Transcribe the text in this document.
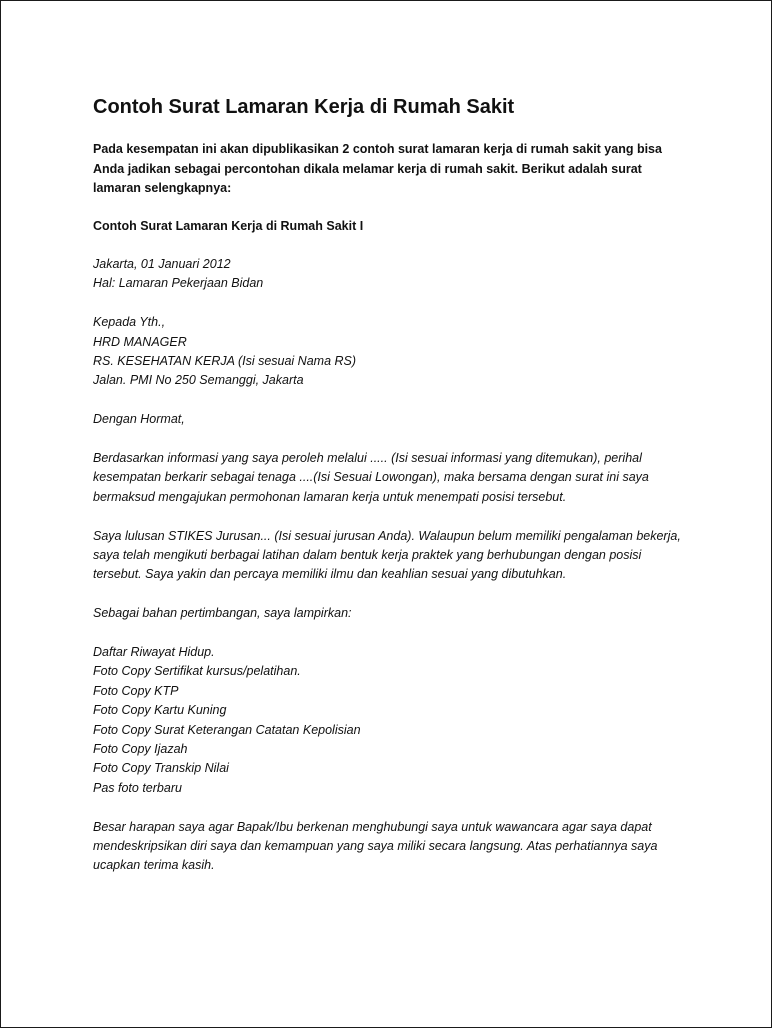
Contoh Surat Lamaran Kerja di Rumah Sakit

Pada kesempatan ini akan dipublikasikan 2 contoh surat lamaran kerja di rumah sakit yang bisa Anda jadikan sebagai percontohan dikala melamar kerja di rumah sakit. Berikut adalah surat lamaran selengkapnya:

Contoh Surat Lamaran Kerja di Rumah Sakit I

Jakarta, 01 Januari 2012

Hal: Lamaran Pekerjaan Bidan

Kepada Yth.,

HRD MANAGER

RS. KESEHATAN KERJA (Isi sesuai Nama RS)

Jalan. PMI No 250 Semanggi, Jakarta

Dengan Hormat,

Berdasarkan informasi yang saya peroleh melalui ..... (Isi sesuai informasi yang ditemukan), perihal kesempatan berkarir sebagai tenaga ....(Isi Sesuai Lowongan), maka bersama dengan surat ini saya bermaksud mengajukan permohonan lamaran kerja untuk menempati posisi tersebut.

Saya lulusan STIKES Jurusan... (Isi sesuai jurusan Anda). Walaupun belum memiliki pengalaman bekerja, saya telah mengikuti berbagai latihan dalam bentuk kerja praktek yang berhubungan dengan posisi tersebut. Saya yakin dan percaya memiliki ilmu dan keahlian sesuai yang dibutuhkan.

Sebagai bahan pertimbangan, saya lampirkan:

Daftar Riwayat Hidup.

Foto Copy Sertifikat kursus/pelatihan.

Foto Copy KTP

Foto Copy Kartu Kuning

Foto Copy Surat Keterangan Catatan Kepolisian

Foto Copy Ijazah

Foto Copy Transkip Nilai

Pas foto terbaru

Besar harapan saya agar Bapak/Ibu berkenan menghubungi saya untuk wawancara agar saya dapat mendeskripsikan diri saya dan kemampuan yang saya miliki secara langsung. Atas perhatiannya saya ucapkan terima kasih.
